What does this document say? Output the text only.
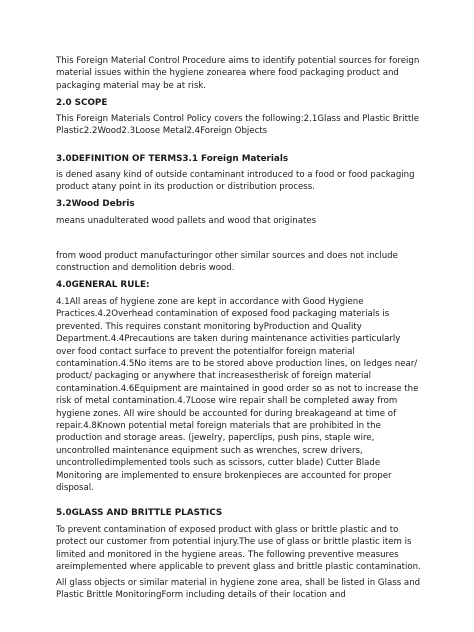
This Foreign Material Control Procedure aims to identify potential sources for foreign material issues within the hygiene zonearea where food packaging product and packaging material may be at risk.

2.0 SCOPE

This Foreign Materials Control Policy covers the following:2.1Glass and Plastic Brittle Plastic2.2Wood2.3Loose Metal2.4Foreign Objects

3.0DEFINITION OF TERMS3.1 Foreign Materials

is de​ned asany kind of outside contaminant introduced to a food or food packaging product atany point in its production or distribution process.

3.2Wood Debris

means unadulterated wood pallets and wood that originates

from wood product manufacturingor other similar sources and does not include construction and demolition debris wood.

4.0GENERAL RULE:

4.1All areas of hygiene zone are kept in accordance with Good Hygiene Practices.4.2Overhead contamination of exposed food packaging materials is prevented. This requires constant monitoring byProduction and Quality Department.4.4Precautions are taken during maintenance activities particularly over food contact surface to prevent the potentialfor foreign material contamination.4.5No items are to be stored above production lines, on ledges near/ product/ packaging or anywhere that increasestherisk of foreign material contamination.4.6Equipment are maintained in good order so as not to increase the risk of metal contamination.4.7Loose wire repair shall be completed away from hygiene zones. All wire should be accounted for during breakageand at time of repair.4.8Known potential metal foreign materials that are prohibited in the production and storage areas. (jewelry, paperclips, push pins, staple wire, uncontrolled maintenance equipment such as wrenches, screw drivers, uncontrolledimplemented tools such as scissors, cutter blade) Cutter Blade Monitoring are implemented to ensure brokenpieces are accounted for proper disposal.

5.0GLASS AND BRITTLE PLASTICS

To prevent contamination of exposed product with glass or brittle plastic and to protect our customer from potential injury.The use of glass or brittle plastic item is limited and monitored in the hygiene areas. The following preventive measures areimplemented where applicable to prevent glass and brittle plastic contamination.

All glass objects or similar material in hygiene zone area, shall be listed in Glass and Plastic Brittle MonitoringForm including details of their location and
